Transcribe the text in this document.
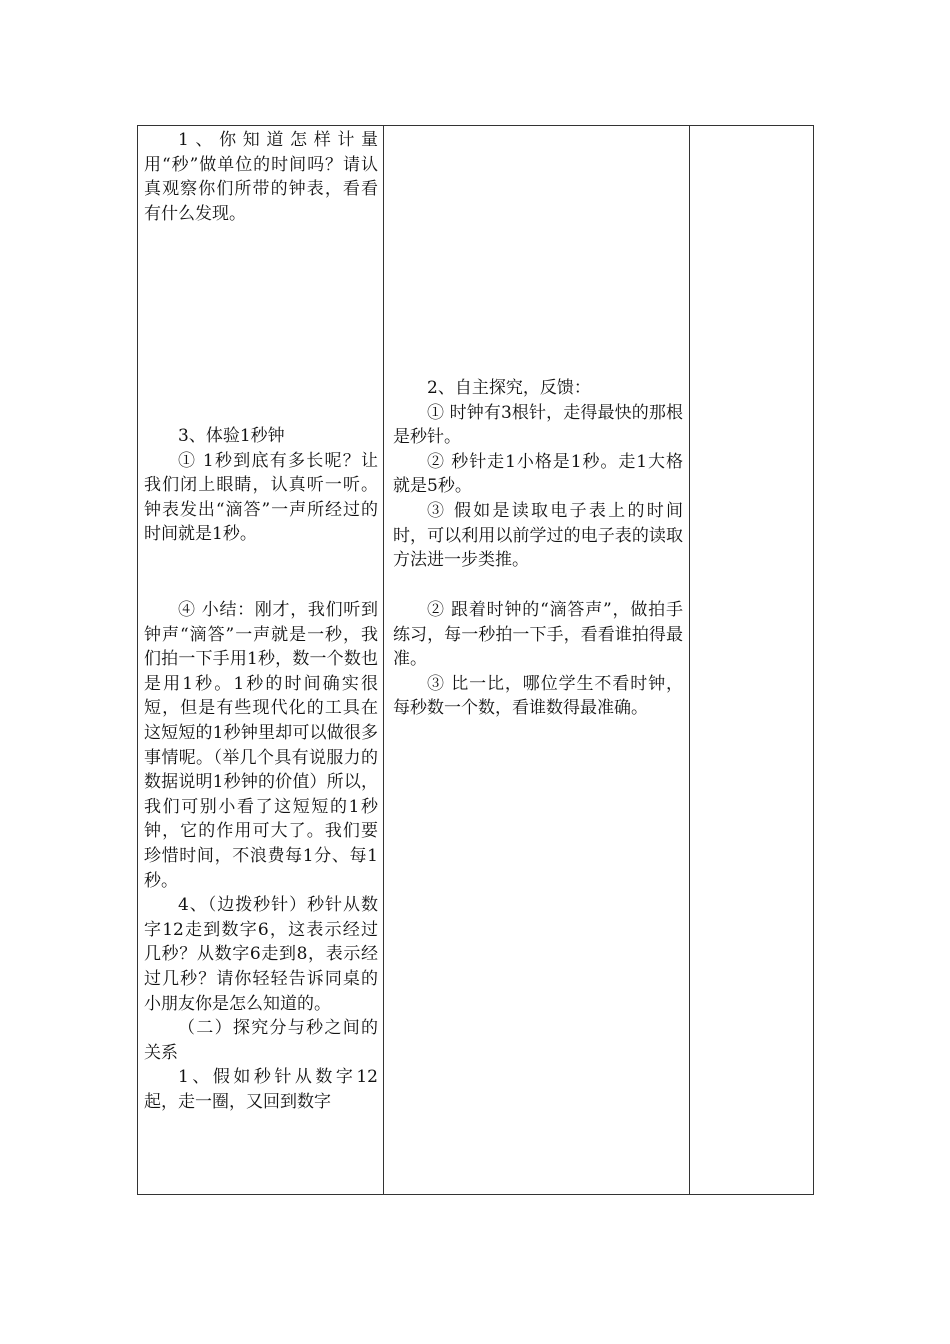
1、你知道怎样计量用“秒”做单位的时间吗？请认真观察你们所带的钟表，看看有什么发现。

3、体验1秒钟

① 1秒到底有多长呢？让我们闭上眼睛，认真听一听。钟表发出“滴答”一声所经过的时间就是1秒。

④ 小结：刚才，我们听到钟声“滴答”一声就是一秒，我们拍一下手用1秒，数一个数也是用1秒。1秒的时间确实很短，但是有些现代化的工具在这短短的1秒钟里却可以做很多事情呢。（举几个具有说服力的数据说明1秒钟的价值）所以，我们可别小看了这短短的1秒钟，它的作用可大了。我们要珍惜时间，不浪费每1分、每1秒。

4、（边拨秒针）秒针从数字12走到数字6，这表示经过几秒？从数字6走到8，表示经过几秒？请你轻轻告诉同桌的小朋友你是怎么知道的。

（二）探究分与秒之间的关系

1、假如秒针从数字12起，走一圈，又回到数字

2、自主探究，反馈：

① 时钟有3根针，走得最快的那根是秒针。

② 秒针走1小格是1秒。走1大格就是5秒。

③ 假如是读取电子表上的时间时，可以利用以前学过的电子表的读取方法进一步类推。

② 跟着时钟的“滴答声”，做拍手练习，每一秒拍一下手，看看谁拍得最准。

③ 比一比，哪位学生不看时钟，每秒数一个数，看谁数得最准确。
